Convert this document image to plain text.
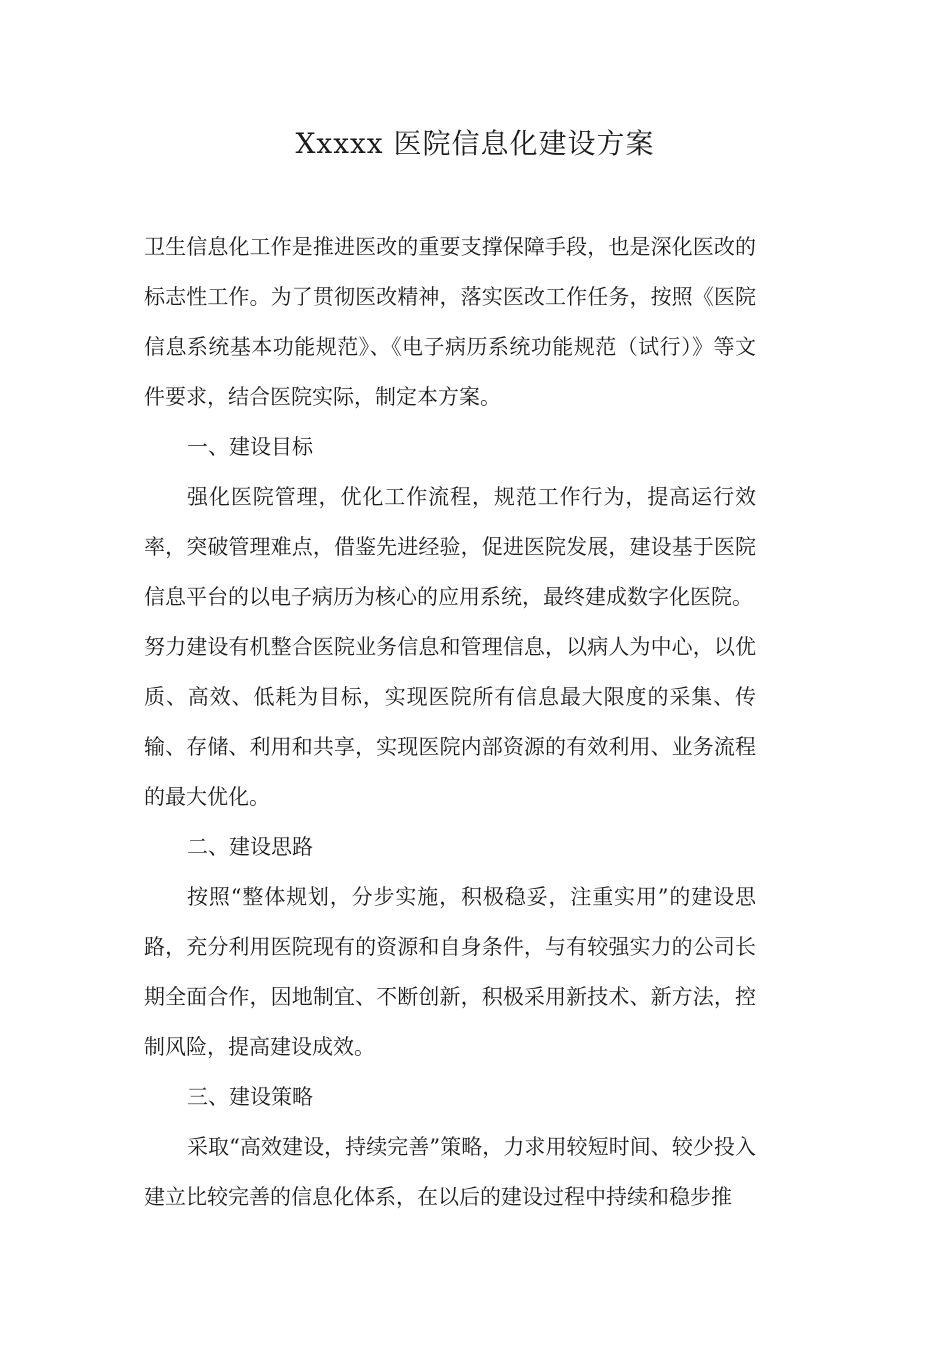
Xxxxx 医院信息化建设方案

卫生信息化工作是推进医改的重要支撑保障手段，也是深化医改的标志性工作。为了贯彻医改精神，落实医改工作任务，按照《医院信息系统基本功能规范》、《电子病历系统功能规范（试行）》等文件要求，结合医院实际，制定本方案。

一、建设目标

强化医院管理，优化工作流程，规范工作行为，提高运行效率，突破管理难点，借鉴先进经验，促进医院发展，建设基于医院信息平台的以电子病历为核心的应用系统，最终建成数字化医院。

努力建设有机整合医院业务信息和管理信息，以病人为中心，以优质、高效、低耗为目标，实现医院所有信息最大限度的采集、传输、存储、利用和共享，实现医院内部资源的有效利用、业务流程的最大优化。

二、建设思路

按照“整体规划，分步实施，积极稳妥，注重实用”的建设思路，充分利用医院现有的资源和自身条件，与有较强实力的公司长期全面合作，因地制宜、不断创新，积极采用新技术、新方法，控制风险，提高建设成效。

三、建设策略

采取“高效建设，持续完善”策略，力求用较短时间、较少投入建立比较完善的信息化体系，在以后的建设过程中持续和稳步推
